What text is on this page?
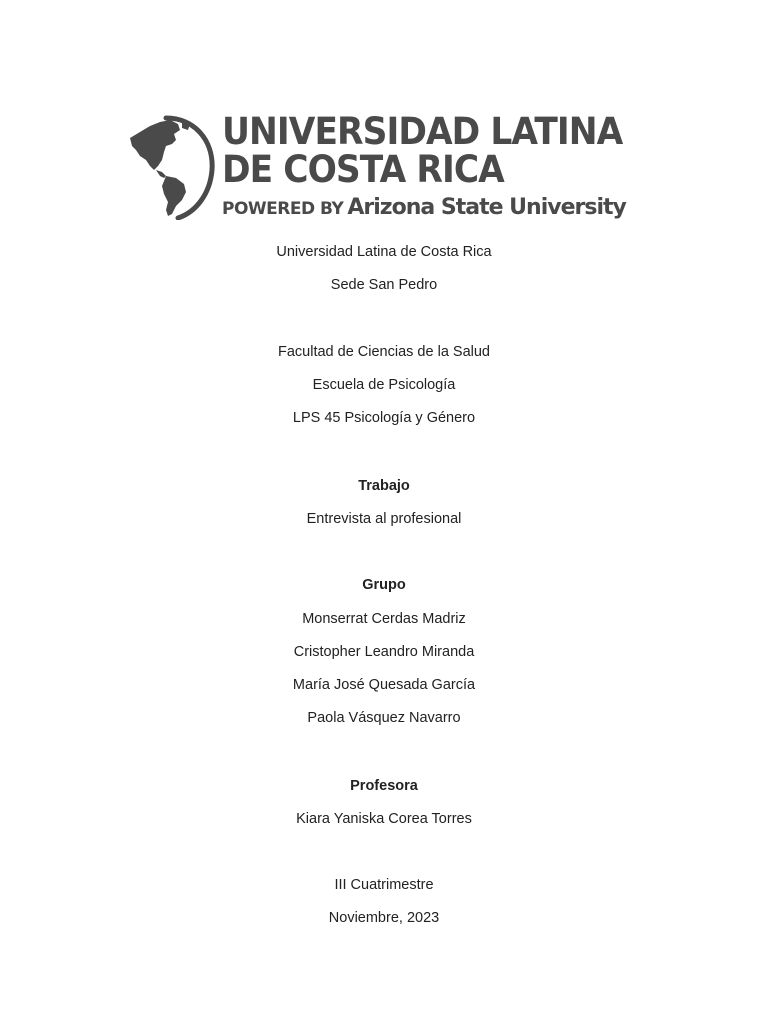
UNIVERSIDAD LATINA
DE COSTA RICA
POWERED BY Arizona State University
Universidad Latina de Costa Rica
Sede San Pedro
Facultad de Ciencias de la Salud
Escuela de Psicología
LPS 45 Psicología y Género
Trabajo
Entrevista al profesional
Grupo
Monserrat Cerdas Madriz
Cristopher Leandro Miranda
María José Quesada García
Paola Vásquez Navarro
Profesora
Kiara Yaniska Corea Torres
III Cuatrimestre
Noviembre, 2023
